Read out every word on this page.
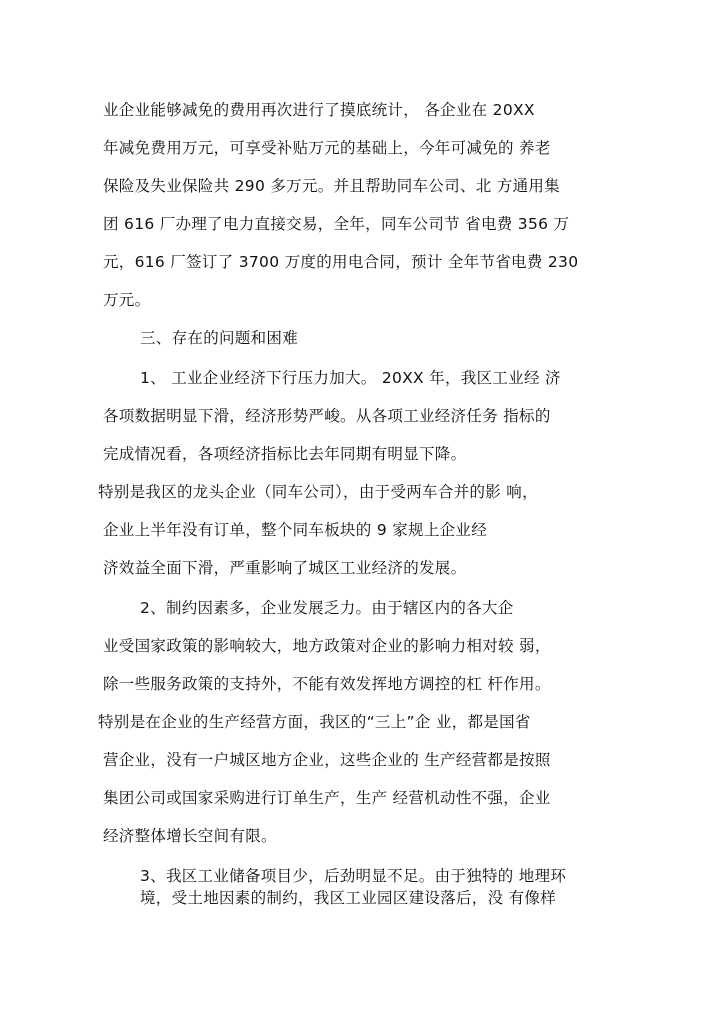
业企业能够减免的费用再次进行了摸底统计， 各企业在 20XX
年减免费用万元，可享受补贴万元的基础上，今年可减免的 养老
保险及失业保险共 290 多万元。并且帮助同车公司、北 方通用集
团 616 厂办理了电力直接交易，全年，同车公司节 省电费 356 万
元，616 厂签订了 3700 万度的用电合同，预计 全年节省电费 230
万元。
三、存在的问题和困难
1、 工业企业经济下行压力加大。 20XX 年，我区工业经 济
各项数据明显下滑，经济形势严峻。从各项工业经济任务 指标的
完成情况看，各项经济指标比去年同期有明显下降。
特别是我区的龙头企业（同车公司），由于受两车合并的影 响，
企业上半年没有订单，整个同车板块的 9 家规上企业经
济效益全面下滑，严重影响了城区工业经济的发展。
2、制约因素多，企业发展乏力。由于辖区内的各大企
业受国家政策的影响较大，地方政策对企业的影响力相对较 弱，
除一些服务政策的支持外，不能有效发挥地方调控的杠 杆作用。
特别是在企业的生产经营方面，我区的“三上”企 业，都是国省
营企业，没有一户城区地方企业，这些企业的 生产经营都是按照
集团公司或国家采购进行订单生产，生产 经营机动性不强，企业
经济整体增长空间有限。
3、我区工业储备项目少，后劲明显不足。由于独特的 地理环
境，受土地因素的制约，我区工业园区建设落后，没 有像样
